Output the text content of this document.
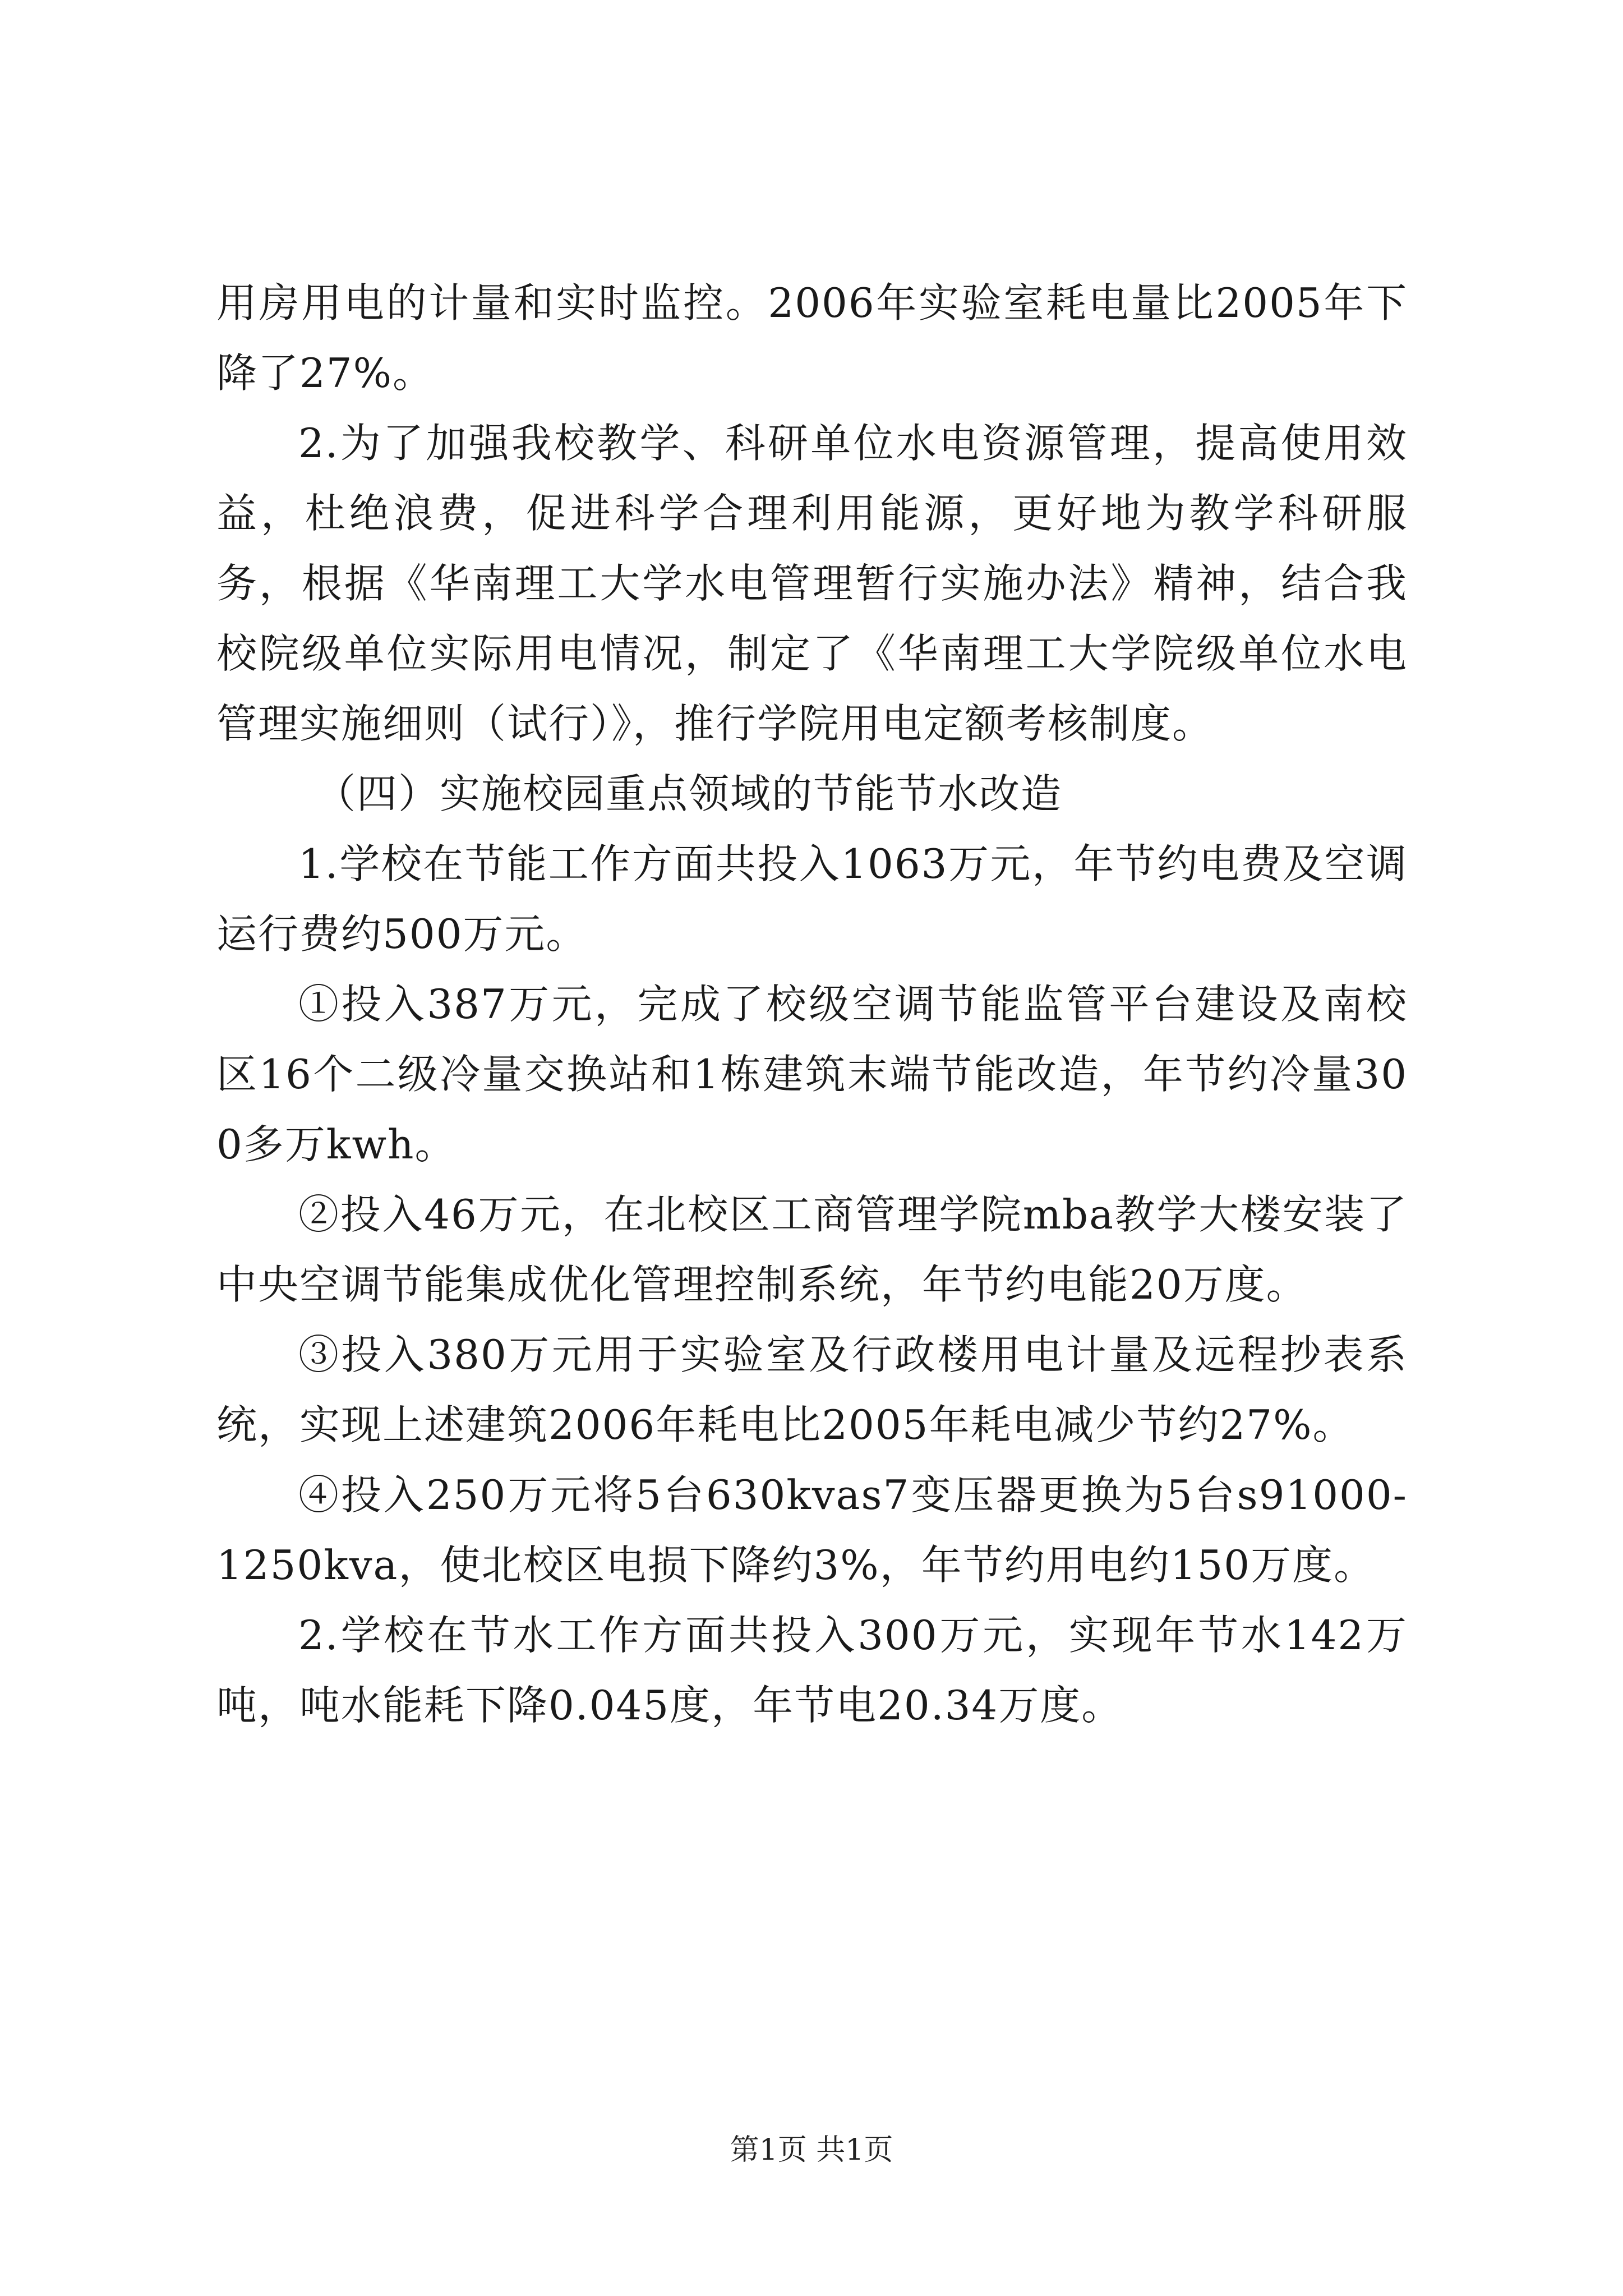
用房用电的计量和实时监控。2006年实验室耗电量比2005年下降了27%。

2.为了加强我校教学、科研单位水电资源管理，提高使用效益，杜绝浪费，促进科学合理利用能源，更好地为教学科研服务，根据《华南理工大学水电管理暂行实施办法》精神，结合我校院级单位实际用电情况，制定了《华南理工大学院级单位水电管理实施细则（试行）》，推行学院用电定额考核制度。

（四）实施校园重点领域的节能节水改造

1.学校在节能工作方面共投入1063万元，年节约电费及空调运行费约500万元。

①投入387万元，完成了校级空调节能监管平台建设及南校区16个二级冷量交换站和1栋建筑末端节能改造，年节约冷量300多万kwh。

②投入46万元，在北校区工商管理学院mba教学大楼安装了中央空调节能集成优化管理控制系统，年节约电能20万度。

③投入380万元用于实验室及行政楼用电计量及远程抄表系统，实现上述建筑2006年耗电比2005年耗电减少节约27%。

④投入250万元将5台630kvas7变压器更换为5台s91000-1250kva，使北校区电损下降约3%，年节约用电约150万度。

2.学校在节水工作方面共投入300万元，实现年节水142万吨，吨水能耗下降0.045度，年节电20.34万度。

第1页 共1页
